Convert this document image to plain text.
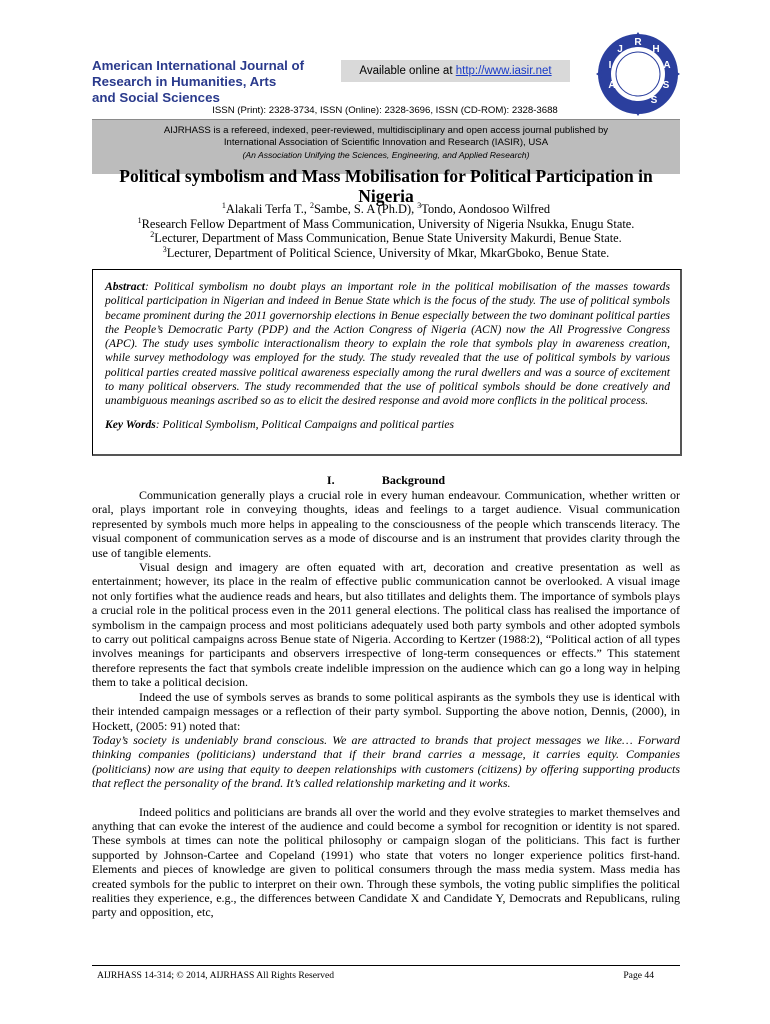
American International Journal of
Research in Humanities, Arts
and Social Sciences
Available online at http://www.iasir.net
A
I
J
R
H
A
S
S
ISSN (Print): 2328-3734, ISSN (Online): 2328-3696, ISSN (CD-ROM): 2328-3688
AIJRHASS is a refereed, indexed, peer-reviewed, multidisciplinary and open access journal published by
International Association of Scientific Innovation and Research (IASIR), USA
(An Association Unifying the Sciences, Engineering, and Applied Research)
Political symbolism and Mass Mobilisation for Political Participation in
Nigeria
$^1$Alakali Terfa T., $^2$Sambe, S. A (Ph.D), $^3$Tondo, Aondosoo Wilfred
$^1$Research Fellow Department of Mass Communication, University of Nigeria Nsukka, Enugu State.
$^2$Lecturer, Department of Mass Communication, Benue State University Makurdi, Benue State.
$^3$Lecturer, Department of Political Science, University of Mkar, MkarGboko, Benue State.
Abstract: Political symbolism no doubt plays an important role in the political mobilisation of the masses towards political participation in Nigerian and indeed in Benue State which is the focus of the study. The use of political symbols became prominent during the 2011 governorship elections in Benue especially between the two dominant political parties the People’s Democratic Party (PDP) and the Action Congress of Nigeria (ACN) now the All Progressive Congress (APC). The study uses symbolic interactionalism theory to explain the role that symbols play in awareness creation, while survey methodology was employed for the study. The study revealed that the use of political symbols by various political parties created massive political awareness especially among the rural dwellers and was a source of excitement to many political observers. The study recommended that the use of political symbols should be done creatively and unambiguous meanings ascribed so as to elicit the desired response and avoid more conflicts in the political process.
Key Words: Political Symbolism, Political Campaigns and political parties
I.	Background

Communication generally plays a crucial role in every human endeavour. Communication, whether written or oral, plays important role in conveying thoughts, ideas and feelings to a target audience. Visual communication represented by symbols much more helps in appealing to the consciousness of the people which transcends literacy. The visual component of communication serves as a mode of discourse and is an instrument that provides clarity through the use of tangible elements.

Visual design and imagery are often equated with art, decoration and creative presentation as well as entertainment; however, its place in the realm of effective public communication cannot be overlooked. A visual image not only fortifies what the audience reads and hears, but also titillates and delights them. The importance of symbols plays a crucial role in the political process even in the 2011 general elections. The political class has realised the importance of symbolism in the campaign process and most politicians adequately used both party symbols and other adopted symbols to carry out political campaigns across Benue state of Nigeria. According to Kertzer (1988:2), “Political action of all types involves meanings for participants and observers irrespective of long-term consequences or effects.” This statement therefore represents the fact that symbols create indelible impression on the audience which can go a long way in helping them to take a political decision.

Indeed the use of symbols serves as brands to some political aspirants as the symbols they use is identical with their intended campaign messages or a reflection of their party symbol. Supporting the above notion, Dennis, (2000), in Hockett, (2005: 91) noted that:

Today’s society is undeniably brand conscious. We are attracted to brands that project messages we like… Forward thinking companies (politicians) understand that if their brand carries a message, it carries equity. Companies (politicians) now are using that equity to deepen relationships with customers (citizens) by offering supporting products that reflect the personality of the brand. It’s called relationship marketing and it works.

Indeed politics and politicians are brands all over the world and they evolve strategies to market themselves and anything that can evoke the interest of the audience and could become a symbol for recognition or identity is not spared. These symbols at times can note the political philosophy or campaign slogan of the politicians. This fact is further supported by Johnson-Cartee and Copeland (1991) who state that voters no longer experience politics first-hand. Elements and pieces of knowledge are given to political consumers through the mass media system. Mass media has created symbols for the public to interpret on their own. Through these symbols, the voting public simplifies the political realities they experience, e.g., the differences between Candidate X and Candidate Y, Democrats and Republicans, ruling party and opposition, etc,

AIJRHASS 14-314; © 2014, AIJRHASS All Rights Reserved	Page 44
